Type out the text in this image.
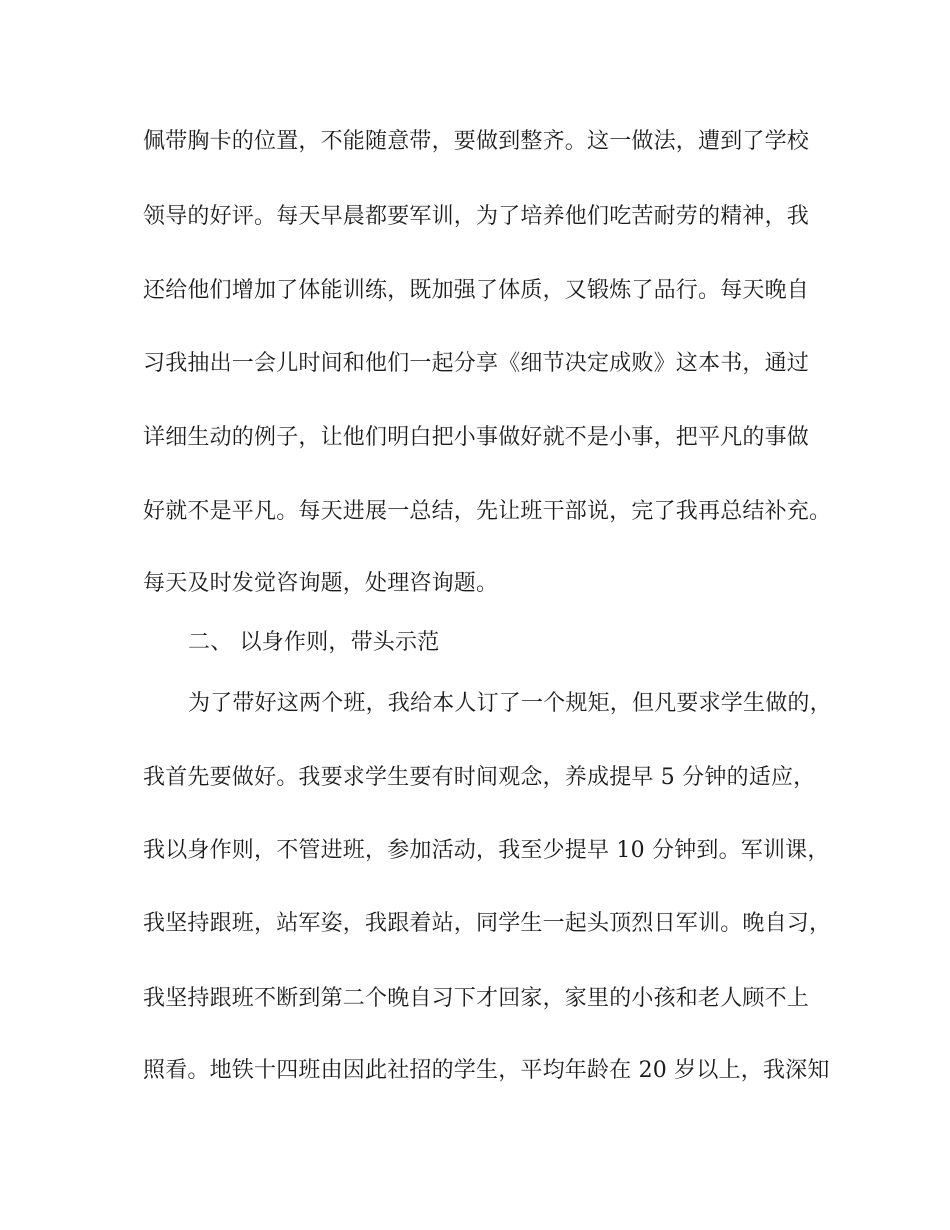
佩带胸卡的位置，不能随意带，要做到整齐。这一做法，遭到了学校
领导的好评。每天早晨都要军训，为了培养他们吃苦耐劳的精神，我
还给他们增加了体能训练，既加强了体质，又锻炼了品行。每天晚自
习我抽出一会儿时间和他们一起分享《细节决定成败》这本书，通过
详细生动的例子，让他们明白把小事做好就不是小事，把平凡的事做
好就不是平凡。每天进展一总结，先让班干部说，完了我再总结补充。
每天及时发觉咨询题，处理咨询题。
二、 以身作则，带头示范
为了带好这两个班，我给本人订了一个规矩，但凡要求学生做的，
我首先要做好。我要求学生要有时间观念，养成提早 5 分钟的适应，
我以身作则，不管进班，参加活动，我至少提早 10 分钟到。军训课，
我坚持跟班，站军姿，我跟着站，同学生一起头顶烈日军训。晚自习，
我坚持跟班不断到第二个晚自习下才回家，家里的小孩和老人顾不上
照看。地铁十四班由因此社招的学生，平均年龄在 20 岁以上，我深知
